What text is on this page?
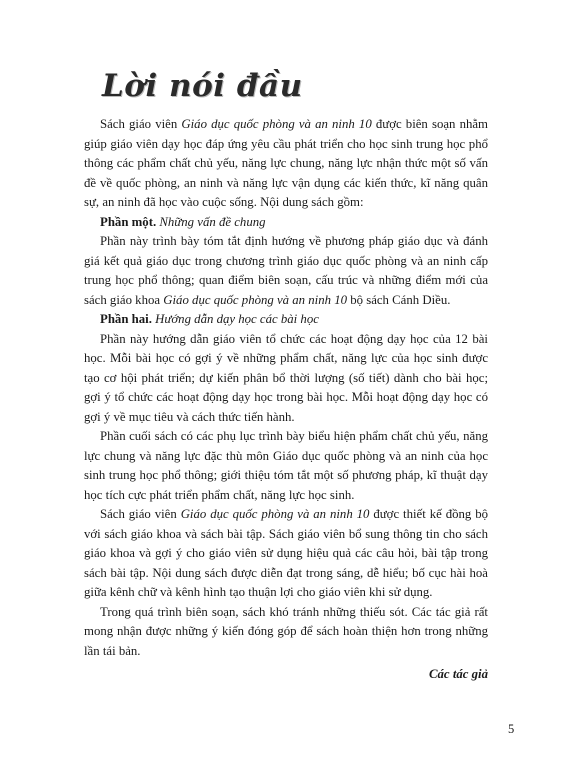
Lời nói đầu

Sách giáo viên Giáo dục quốc phòng và an ninh 10 được biên soạn nhằm giúp giáo viên dạy học đáp ứng yêu cầu phát triển cho học sinh trung học phổ thông các phẩm chất chủ yếu, năng lực chung, năng lực nhận thức một số vấn đề về quốc phòng, an ninh và năng lực vận dụng các kiến thức, kĩ năng quân sự, an ninh đã học vào cuộc sống. Nội dung sách gồm:

Phần một. Những vấn đề chung

Phần này trình bày tóm tắt định hướng về phương pháp giáo dục và đánh giá kết quả giáo dục trong chương trình giáo dục quốc phòng và an ninh cấp trung học phổ thông; quan điểm biên soạn, cấu trúc và những điểm mới của sách giáo khoa Giáo dục quốc phòng và an ninh 10 bộ sách Cánh Diều.

Phần hai. Hướng dẫn dạy học các bài học

Phần này hướng dẫn giáo viên tổ chức các hoạt động dạy học của 12 bài học. Mỗi bài học có gợi ý về những phẩm chất, năng lực của học sinh được tạo cơ hội phát triển; dự kiến phân bổ thời lượng (số tiết) dành cho bài học; gợi ý tổ chức các hoạt động dạy học trong bài học. Mỗi hoạt động dạy học có gợi ý về mục tiêu và cách thức tiến hành.

Phần cuối sách có các phụ lục trình bày biểu hiện phẩm chất chủ yếu, năng lực chung và năng lực đặc thù môn Giáo dục quốc phòng và an ninh của học sinh trung học phổ thông; giới thiệu tóm tắt một số phương pháp, kĩ thuật dạy học tích cực phát triển phẩm chất, năng lực học sinh.

Sách giáo viên Giáo dục quốc phòng và an ninh 10 được thiết kế đồng bộ với sách giáo khoa và sách bài tập. Sách giáo viên bổ sung thông tin cho sách giáo khoa và gợi ý cho giáo viên sử dụng hiệu quả các câu hỏi, bài tập trong sách bài tập. Nội dung sách được diễn đạt trong sáng, dễ hiểu; bố cục hài hoà giữa kênh chữ và kênh hình tạo thuận lợi cho giáo viên khi sử dụng.

Trong quá trình biên soạn, sách khó tránh những thiếu sót. Các tác giả rất mong nhận được những ý kiến đóng góp để sách hoàn thiện hơn trong những lần tái bản.

Các tác giả
5
